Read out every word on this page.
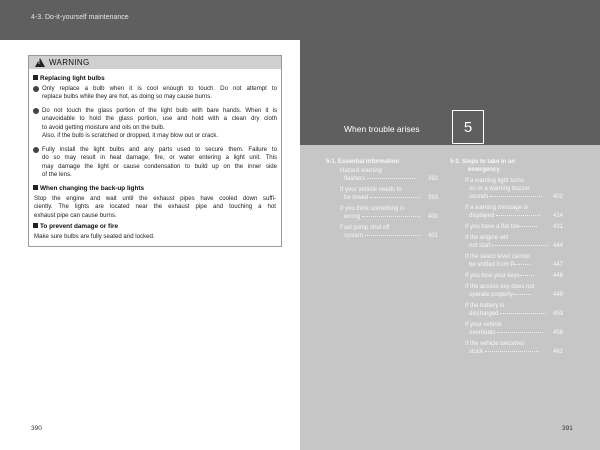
4-3. Do-it-yourself maintenance
! WARNING
Replacing light bulbs
Only replace a bulb when it is cool enough to touch. Do not attempt to
replace bulbs while they are hot, as doing so may cause burns.
Do not touch the glass portion of the light bulb with bare hands. When it is
unavoidable to hold the glass portion, use and hold with a clean dry cloth
to avoid getting moisture and oils on the bulb.
Also, if the bulb is scratched or dropped, it may blow out or crack.
Fully install the light bulbs and any parts used to secure them. Failure to
do so may result in heat damage, fire, or water entering a light unit. This
may damage the light or cause condensation to build up on the inner side
of the lens.
When changing the back-up lights
Stop the engine and wait until the exhaust pipes have cooled down suffi-
ciently. The lights are located near the exhaust pipe and touching a hot
exhaust pipe can cause burns.
To prevent damage or fire
Make sure bulbs are fully seated and locked.
390
When trouble arises	5
5-1. Essential information
Hazard warning
flashers	392
If your vehicle needs to
be towed	393
If you think something is
wrong	400
Fuel pump shut off
system	401
5-2. Steps to take in an
emergency
If a warning light turns
on or a warning buzzer
sounds	402
If a warning message is
displayed	414
If you have a flat tire	431
If the engine will
not start	444
If the select lever cannot
be shifted from P	447
If you lose your keys	448
If the access key does not
operate properly	449
If the battery is
discharged	453
If your vehicle
overheats	458
If the vehicle becomes
stuck	461
391
